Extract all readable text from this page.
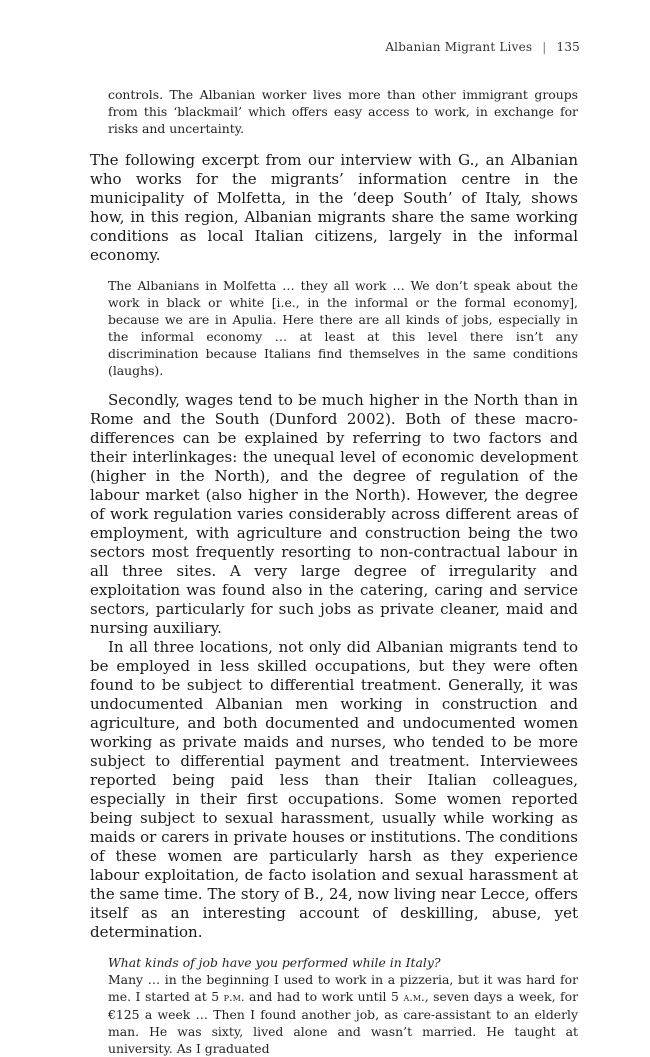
Albanian Migrant Lives | 135

controls. The Albanian worker lives more than other immigrant groups from this ‘blackmail’ which offers easy access to work, in exchange for risks and uncertainty.

The following excerpt from our interview with G., an Albanian who works for the migrants’ information centre in the municipality of Molfetta, in the ‘deep South’ of Italy, shows how, in this region, Albanian migrants share the same working conditions as local Italian citizens, largely in the informal economy.

The Albanians in Molfetta … they all work … We don’t speak about the work in black or white [i.e., in the informal or the formal economy], because we are in Apulia. Here there are all kinds of jobs, especially in the informal economy … at least at this level there isn’t any discrimination because Italians find themselves in the same conditions (laughs).

Secondly, wages tend to be much higher in the North than in Rome and the South (Dunford 2002). Both of these macro-differences can be explained by referring to two factors and their interlinkages: the unequal level of economic development (higher in the North), and the degree of regulation of the labour market (also higher in the North). However, the degree of work regulation varies considerably across different areas of employment, with agriculture and construction being the two sectors most frequently resorting to non-contractual labour in all three sites. A very large degree of irregularity and exploitation was found also in the catering, caring and service sectors, particularly for such jobs as private cleaner, maid and nursing auxiliary.

In all three locations, not only did Albanian migrants tend to be employed in less skilled occupations, but they were often found to be subject to differential treatment. Generally, it was undocumented Albanian men working in construction and agriculture, and both documented and undocumented women working as private maids and nurses, who tended to be more subject to differential payment and treatment. Interviewees reported being paid less than their Italian colleagues, especially in their first occupations. Some women reported being subject to sexual harassment, usually while working as maids or carers in private houses or institutions. The conditions of these women are particularly harsh as they experience labour exploitation, de facto isolation and sexual harassment at the same time. The story of B., 24, now living near Lecce, offers itself as an interesting account of deskilling, abuse, yet determination.

What kinds of job have you performed while in Italy?

Many … in the beginning I used to work in a pizzeria, but it was hard for me. I started at 5 p.m. and had to work until 5 a.m., seven days a week, for €125 a week … Then I found another job, as care-assistant to an elderly man. He was sixty, lived alone and wasn’t married. He taught at university. As I graduated
